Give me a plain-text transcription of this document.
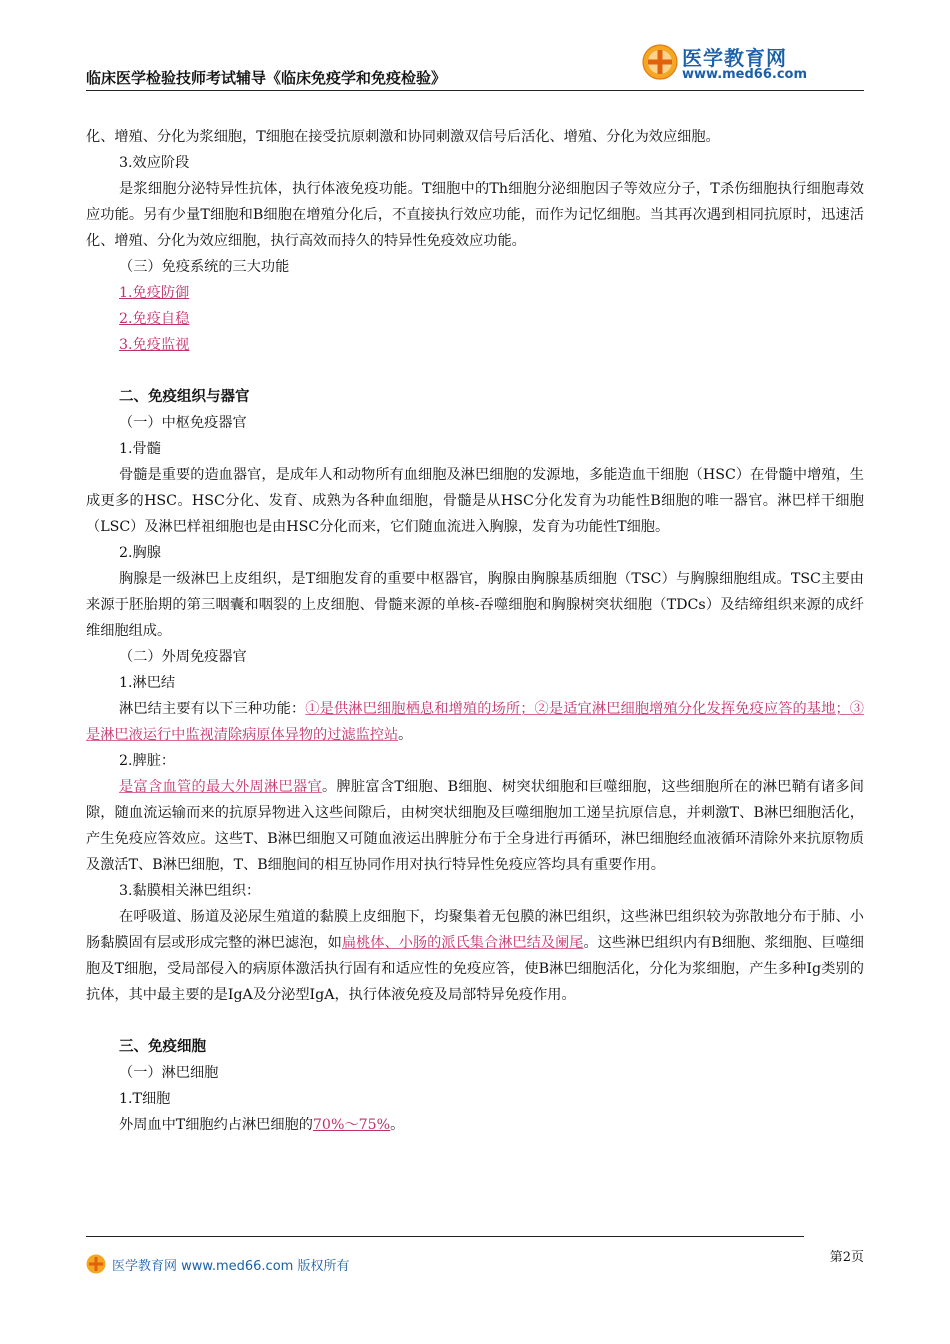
临床医学检验技师考试辅导《临床免疫学和免疫检验》
医学教育网
www.med66.com

化、增殖、分化为浆细胞，T细胞在接受抗原刺激和协同刺激双信号后活化、增殖、分化为效应细胞。

3.效应阶段

是浆细胞分泌特异性抗体，执行体液免疫功能。T细胞中的Th细胞分泌细胞因子等效应分子，T杀伤细胞执行细胞毒效应功能。另有少量T细胞和B细胞在增殖分化后，不直接执行效应功能，而作为记忆细胞。当其再次遇到相同抗原时，迅速活化、增殖、分化为效应细胞，执行高效而持久的特异性免疫效应功能。

（三）免疫系统的三大功能

1.免疫防御

2.免疫自稳

3.免疫监视

二、免疫组织与器官

（一）中枢免疫器官

1.骨髓

骨髓是重要的造血器官，是成年人和动物所有血细胞及淋巴细胞的发源地，多能造血干细胞（HSC）在骨髓中增殖，生成更多的HSC。HSC分化、发育、成熟为各种血细胞，骨髓是从HSC分化发育为功能性B细胞的唯一器官。淋巴样干细胞（LSC）及淋巴样祖细胞也是由HSC分化而来，它们随血流进入胸腺，发育为功能性T细胞。

2.胸腺

胸腺是一级淋巴上皮组织，是T细胞发育的重要中枢器官，胸腺由胸腺基质细胞（TSC）与胸腺细胞组成。TSC主要由来源于胚胎期的第三咽囊和咽裂的上皮细胞、骨髓来源的单核-吞噬细胞和胸腺树突状细胞（TDCs）及结缔组织来源的成纤维细胞组成。

（二）外周免疫器官

1.淋巴结

淋巴结主要有以下三种功能：①是供淋巴细胞栖息和增殖的场所；②是适宜淋巴细胞增殖分化发挥免疫应答的基地；③是淋巴液运行中监视清除病原体异物的过滤监控站。

2.脾脏：

是富含血管的最大外周淋巴器官。脾脏富含T细胞、B细胞、树突状细胞和巨噬细胞，这些细胞所在的淋巴鞘有诸多间隙，随血流运输而来的抗原异物进入这些间隙后，由树突状细胞及巨噬细胞加工递呈抗原信息，并刺激T、B淋巴细胞活化，产生免疫应答效应。这些T、B淋巴细胞又可随血液运出脾脏分布于全身进行再循环，淋巴细胞经血液循环清除外来抗原物质及激活T、B淋巴细胞，T、B细胞间的相互协同作用对执行特异性免疫应答均具有重要作用。

3.黏膜相关淋巴组织：

在呼吸道、肠道及泌尿生殖道的黏膜上皮细胞下，均聚集着无包膜的淋巴组织，这些淋巴组织较为弥散地分布于肺、小肠黏膜固有层或形成完整的淋巴滤泡，如扁桃体、小肠的派氏集合淋巴结及阑尾。这些淋巴组织内有B细胞、浆细胞、巨噬细胞及T细胞，受局部侵入的病原体激活执行固有和适应性的免疫应答，使B淋巴细胞活化，分化为浆细胞，产生多种Ig类别的抗体，其中最主要的是IgA及分泌型IgA，执行体液免疫及局部特异免疫作用。

三、免疫细胞

（一）淋巴细胞

1.T细胞

外周血中T细胞约占淋巴细胞的70%～75%。

医学教育网 www.med66.com 版权所有
第2页
